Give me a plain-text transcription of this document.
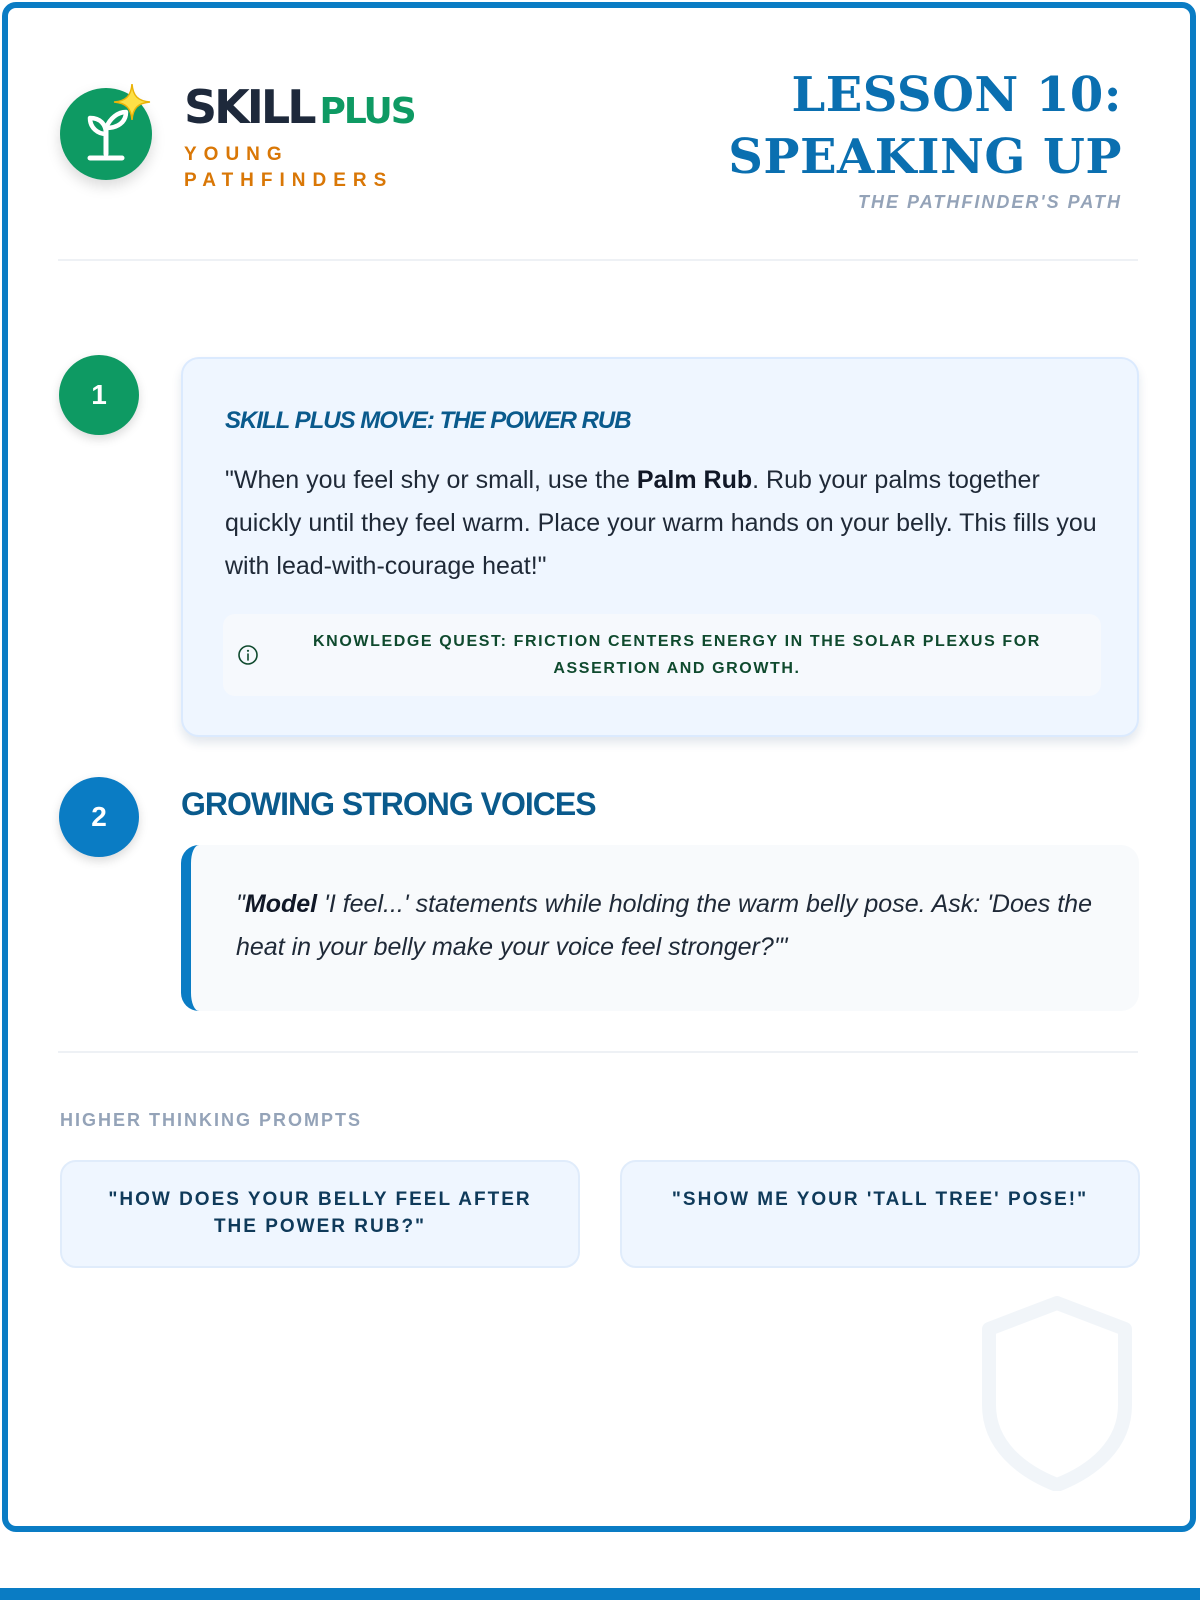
SKILL PLUS
YOUNG PATHFINDERS
LESSON 10: SPEAKING UP
THE PATHFINDER'S PATH
1
SKILL PLUS MOVE: THE POWER RUB
"When you feel shy or small, use the Palm Rub. Rub your palms together quickly until they feel warm. Place your warm hands on your belly. This fills you with lead-with-courage heat!"
KNOWLEDGE QUEST: FRICTION CENTERS ENERGY IN THE SOLAR PLEXUS FOR ASSERTION AND GROWTH.
2	GROWING STRONG VOICES
"Model 'I feel...' statements while holding the warm belly pose. Ask: 'Does the heat in your belly make your voice feel stronger?'"
HIGHER THINKING PROMPTS
"HOW DOES YOUR BELLY FEEL AFTER THE POWER RUB?"
"SHOW ME YOUR 'TALL TREE' POSE!"
